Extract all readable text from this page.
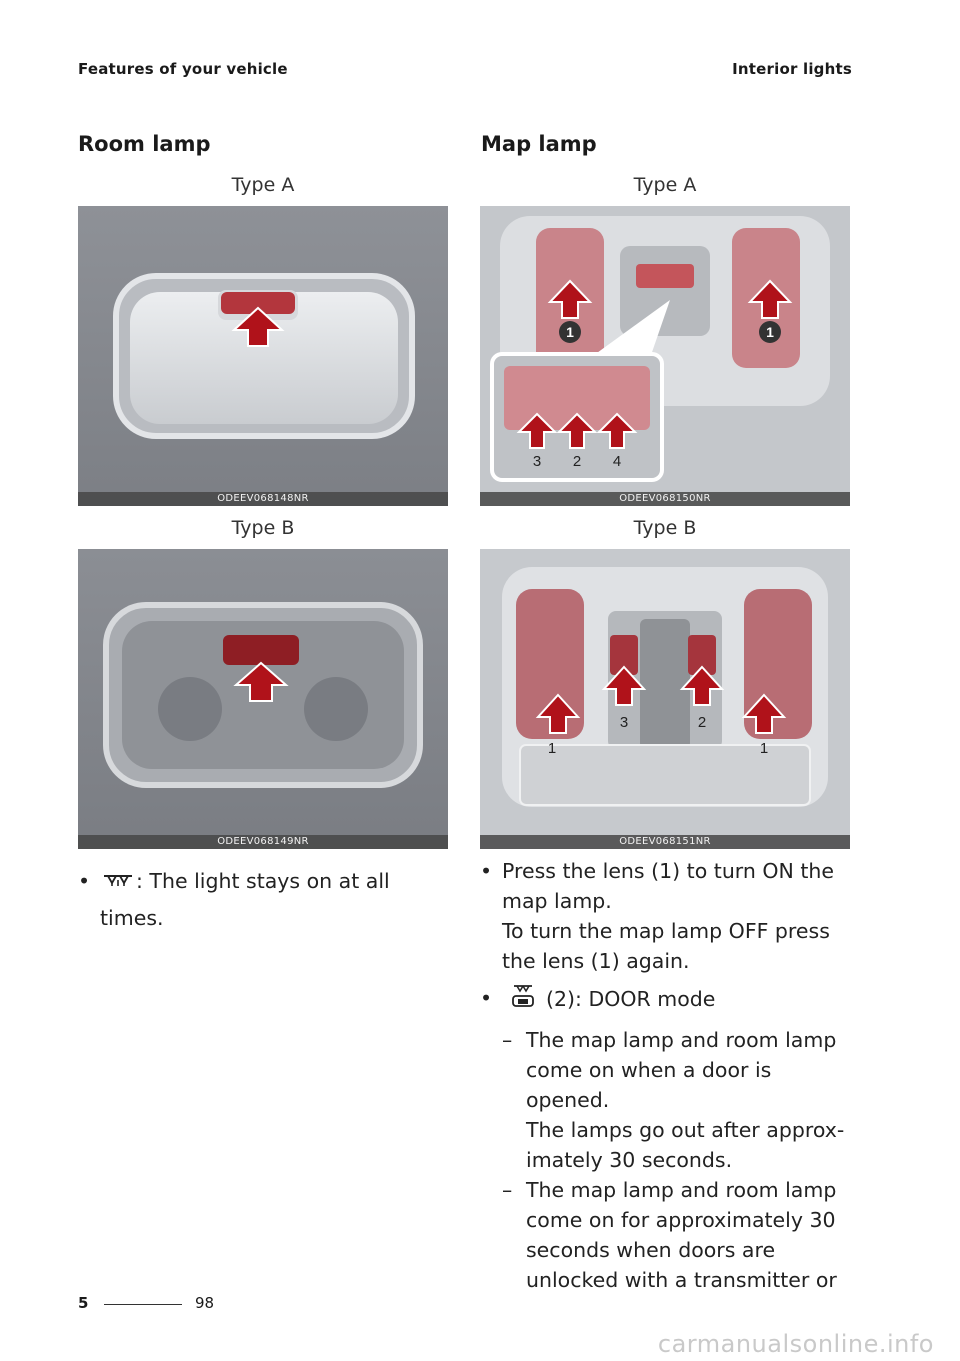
Features of your vehicle	Interior lights
Room lamp	Map lamp
Type A
ODEEV068148NR
Type B
ODEEV068149NR
Type A
1	1
3 2 4
ODEEV068150NR
Type B
3	2
1	1
ODEEV068151NR
• : The light stays on at all
times.
• Press the lens (1) to turn ON the
map lamp.
To turn the map lamp OFF press
the lens (1) again.
•	(2): DOOR mode
– The map lamp and room lamp
come on when a door is opened.
The lamps go out after approx-
imately 30 seconds.
– The map lamp and room lamp
come on for approximately 30
seconds when doors are
unlocked with a transmitter or
5	98
carmanualsonline.info
